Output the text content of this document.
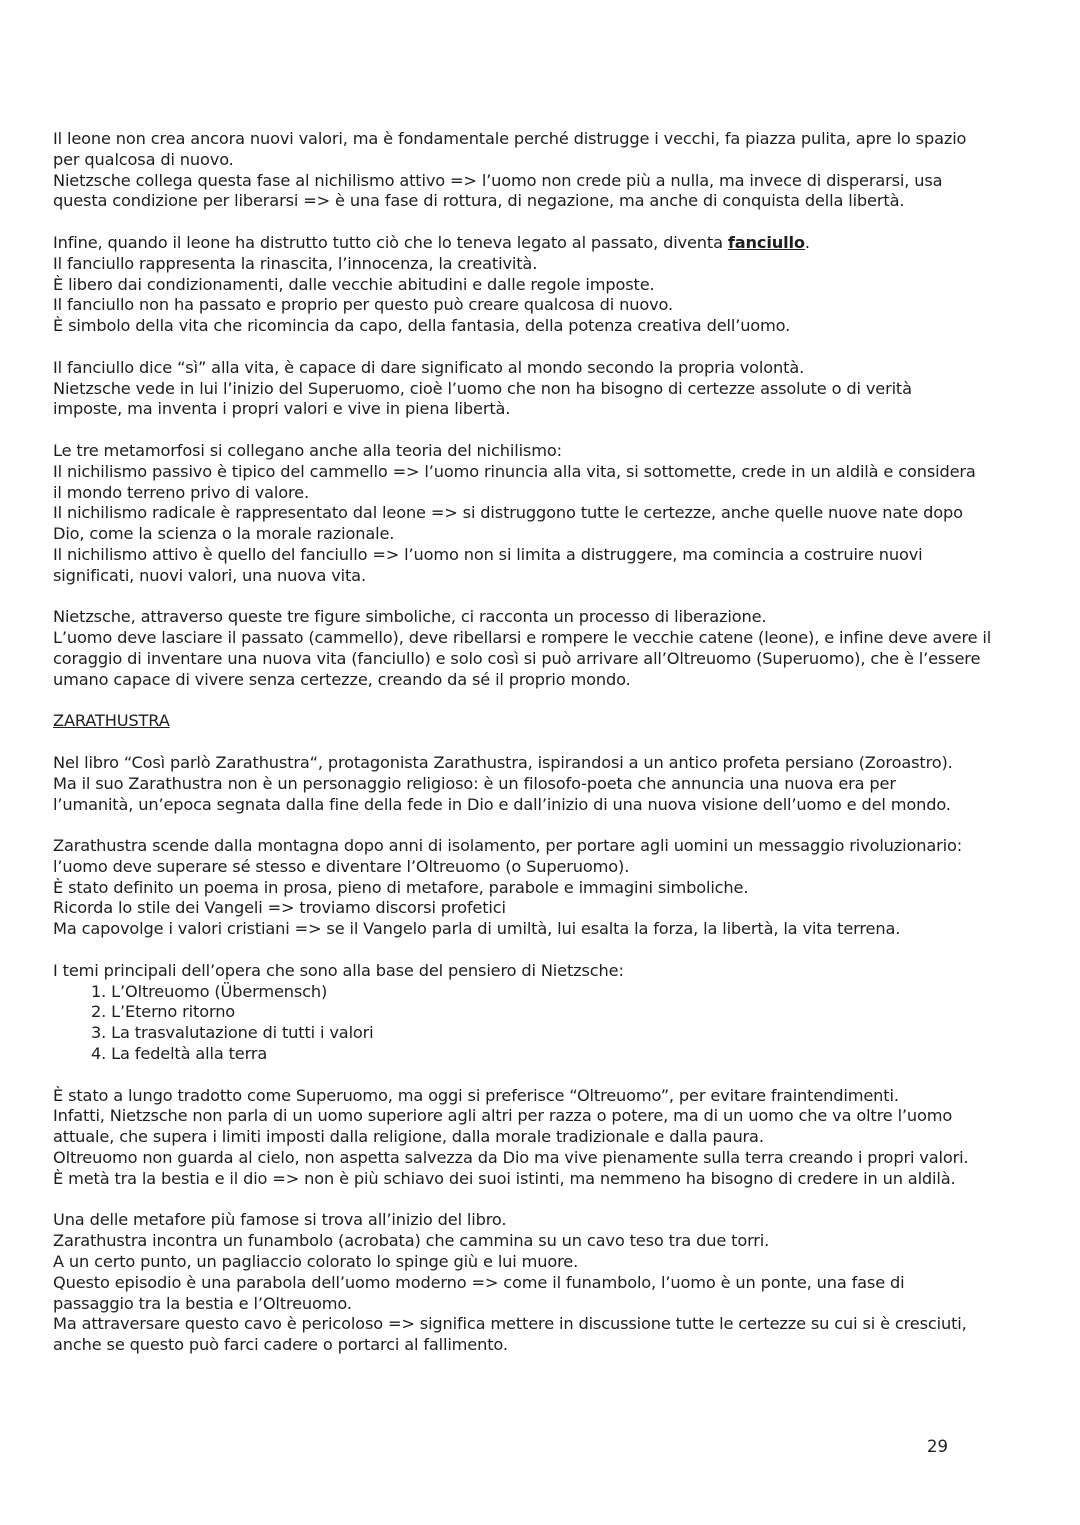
Il leone non crea ancora nuovi valori, ma è fondamentale perché distrugge i vecchi, fa piazza pulita, apre lo spazio
per qualcosa di nuovo.
Nietzsche collega questa fase al nichilismo attivo => l’uomo non crede più a nulla, ma invece di disperarsi, usa
questa condizione per liberarsi => è una fase di rottura, di negazione, ma anche di conquista della libertà.
Infine, quando il leone ha distrutto tutto ciò che lo teneva legato al passato, diventa fanciullo.
Il fanciullo rappresenta la rinascita, l’innocenza, la creatività.
È libero dai condizionamenti, dalle vecchie abitudini e dalle regole imposte.
Il fanciullo non ha passato e proprio per questo può creare qualcosa di nuovo.
È simbolo della vita che ricomincia da capo, della fantasia, della potenza creativa dell’uomo.
Il fanciullo dice “sì” alla vita, è capace di dare significato al mondo secondo la propria volontà.
Nietzsche vede in lui l’inizio del Superuomo, cioè l’uomo che non ha bisogno di certezze assolute o di verità
imposte, ma inventa i propri valori e vive in piena libertà.
Le tre metamorfosi si collegano anche alla teoria del nichilismo:
Il nichilismo passivo è tipico del cammello => l’uomo rinuncia alla vita, si sottomette, crede in un aldilà e considera
il mondo terreno privo di valore.
Il nichilismo radicale è rappresentato dal leone => si distruggono tutte le certezze, anche quelle nuove nate dopo
Dio, come la scienza o la morale razionale.
Il nichilismo attivo è quello del fanciullo => l’uomo non si limita a distruggere, ma comincia a costruire nuovi
significati, nuovi valori, una nuova vita.
Nietzsche, attraverso queste tre figure simboliche, ci racconta un processo di liberazione.
L’uomo deve lasciare il passato (cammello), deve ribellarsi e rompere le vecchie catene (leone), e infine deve avere il
coraggio di inventare una nuova vita (fanciullo) e solo così si può arrivare all’Oltreuomo (Superuomo), che è l’essere
umano capace di vivere senza certezze, creando da sé il proprio mondo.
ZARATHUSTRA
Nel libro “Così parlò Zarathustra“, protagonista Zarathustra, ispirandosi a un antico profeta persiano (Zoroastro).
Ma il suo Zarathustra non è un personaggio religioso: è un filosofo-poeta che annuncia una nuova era per
l’umanità, un’epoca segnata dalla fine della fede in Dio e dall’inizio di una nuova visione dell’uomo e del mondo.
Zarathustra scende dalla montagna dopo anni di isolamento, per portare agli uomini un messaggio rivoluzionario:
l’uomo deve superare sé stesso e diventare l’Oltreuomo (o Superuomo).
È stato definito un poema in prosa, pieno di metafore, parabole e immagini simboliche.
Ricorda lo stile dei Vangeli => troviamo discorsi profetici
Ma capovolge i valori cristiani => se il Vangelo parla di umiltà, lui esalta la forza, la libertà, la vita terrena.
I temi principali dell’opera che sono alla base del pensiero di Nietzsche:
1. L’Oltreuomo (Übermensch)
2. L’Eterno ritorno
3. La trasvalutazione di tutti i valori
4. La fedeltà alla terra
È stato a lungo tradotto come Superuomo, ma oggi si preferisce “Oltreuomo”, per evitare fraintendimenti.
Infatti, Nietzsche non parla di un uomo superiore agli altri per razza o potere, ma di un uomo che va oltre l’uomo
attuale, che supera i limiti imposti dalla religione, dalla morale tradizionale e dalla paura.
Oltreuomo non guarda al cielo, non aspetta salvezza da Dio ma vive pienamente sulla terra creando i propri valori.
È metà tra la bestia e il dio => non è più schiavo dei suoi istinti, ma nemmeno ha bisogno di credere in un aldilà.
Una delle metafore più famose si trova all’inizio del libro.
Zarathustra incontra un funambolo (acrobata) che cammina su un cavo teso tra due torri.
A un certo punto, un pagliaccio colorato lo spinge giù e lui muore.
Questo episodio è una parabola dell’uomo moderno => come il funambolo, l’uomo è un ponte, una fase di
passaggio tra la bestia e l’Oltreuomo.
Ma attraversare questo cavo è pericoloso => significa mettere in discussione tutte le certezze su cui si è cresciuti,
anche se questo può farci cadere o portarci al fallimento.
29
